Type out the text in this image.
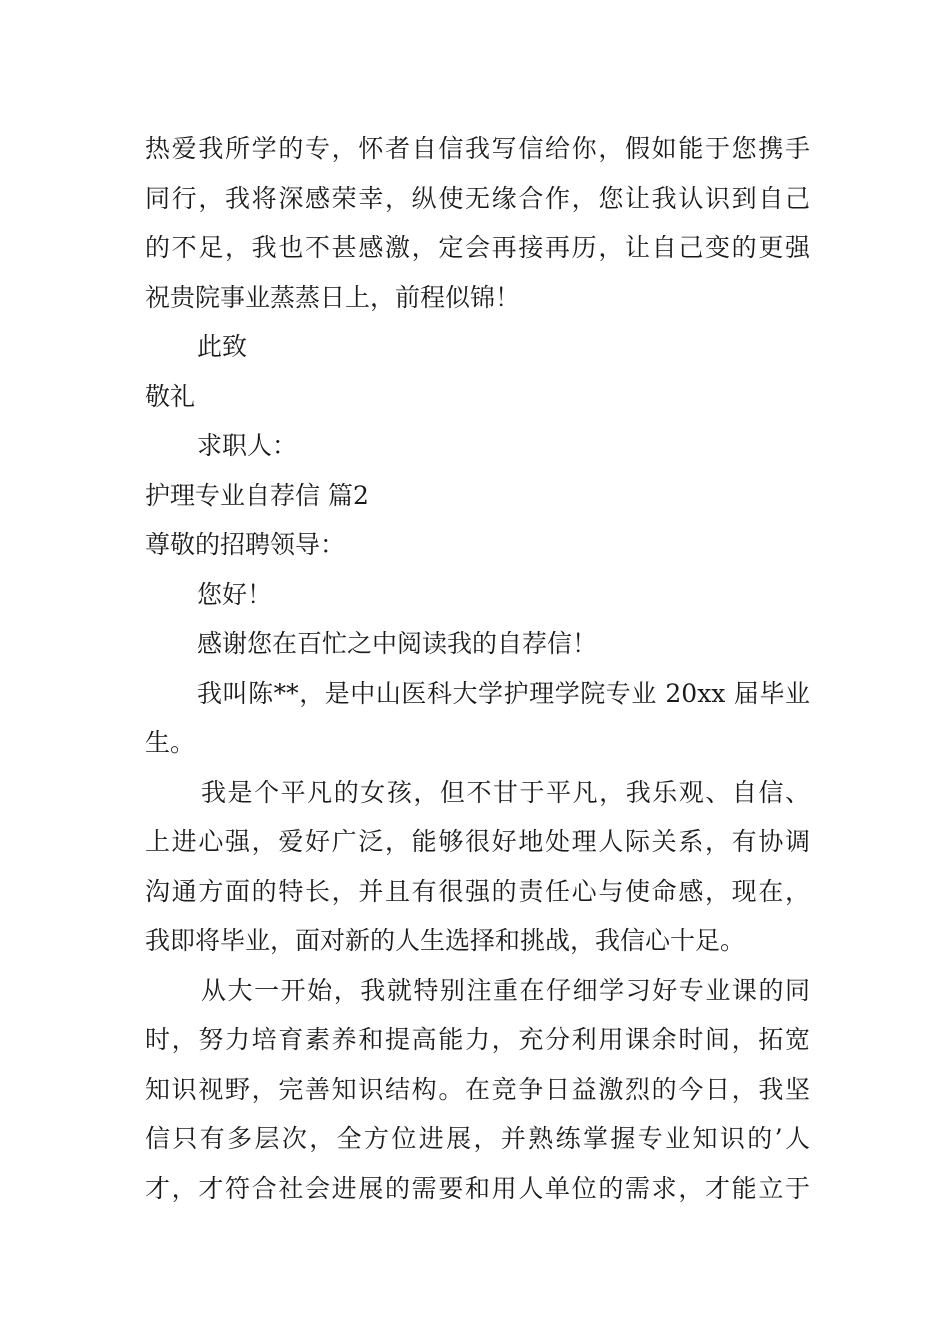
热爱我所学的专，怀者自信我写信给你，假如能于您携手
同行，我将深感荣幸，纵使无缘合作，您让我认识到自己
的不足，我也不甚感激，定会再接再历，让自己变的更强
祝贵院事业蒸蒸日上，前程似锦！
此致
敬礼
求职人：
护理专业自荐信 篇2
尊敬的招聘领导：
您好！
感谢您在百忙之中阅读我的自荐信！
我叫陈**，是中山医科大学护理学院专业 20xx 届毕业
生。
我是个平凡的女孩，但不甘于平凡，我乐观、自信、
上进心强，爱好广泛，能够很好地处理人际关系，有协调
沟通方面的特长，并且有很强的责任心与使命感，现在，
我即将毕业，面对新的人生选择和挑战，我信心十足。
从大一开始，我就特别注重在仔细学习好专业课的同
时，努力培育素养和提高能力，充分利用课余时间，拓宽
知识视野，完善知识结构。在竞争日益激烈的今日，我坚
信只有多层次，全方位进展，并熟练掌握专业知识的’人
才，才符合社会进展的需要和用人单位的需求，才能立于
